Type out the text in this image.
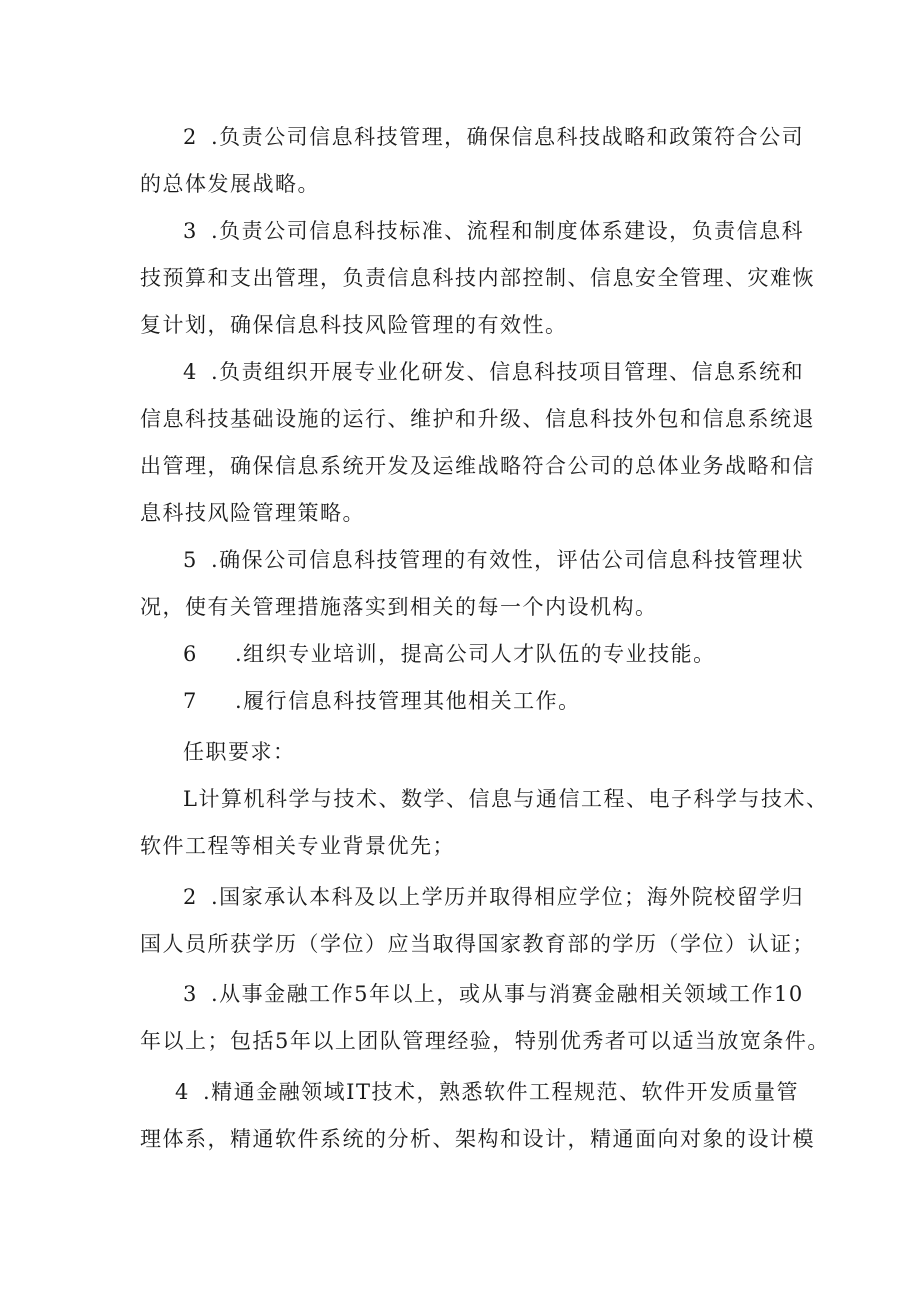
2 .负责公司信息科技管理，确保信息科技战略和政策符合公司
的总体发展战略。
3 .负责公司信息科技标准、流程和制度体系建设，负责信息科
技预算和支出管理，负责信息科技内部控制、信息安全管理、灾难恢
复计划，确保信息科技风险管理的有效性。
4 .负责组织开展专业化研发、信息科技项目管理、信息系统和
信息科技基础设施的运行、维护和升级、信息科技外包和信息系统退
出管理，确保信息系统开发及运维战略符合公司的总体业务战略和信
息科技风险管理策略。
5 .确保公司信息科技管理的有效性，评估公司信息科技管理状
况，使有关管理措施落实到相关的每一个内设机构。
6 .组织专业培训，提高公司人才队伍的专业技能。
7 .履行信息科技管理其他相关工作。
任职要求：
L计算机科学与技术、数学、信息与通信工程、电子科学与技术、
软件工程等相关专业背景优先；
2 .国家承认本科及以上学历并取得相应学位；海外院校留学归
国人员所获学历（学位）应当取得国家教育部的学历（学位）认证；
3 .从事金融工作5年以上，或从事与消赛金融相关领域工作10
年以上；包括5年以上团队管理经验，特别优秀者可以适当放宽条件。
4 .精通金融领域IT技术，熟悉软件工程规范、软件开发质量管
理体系，精通软件系统的分析、架构和设计，精通面向对象的设计模
